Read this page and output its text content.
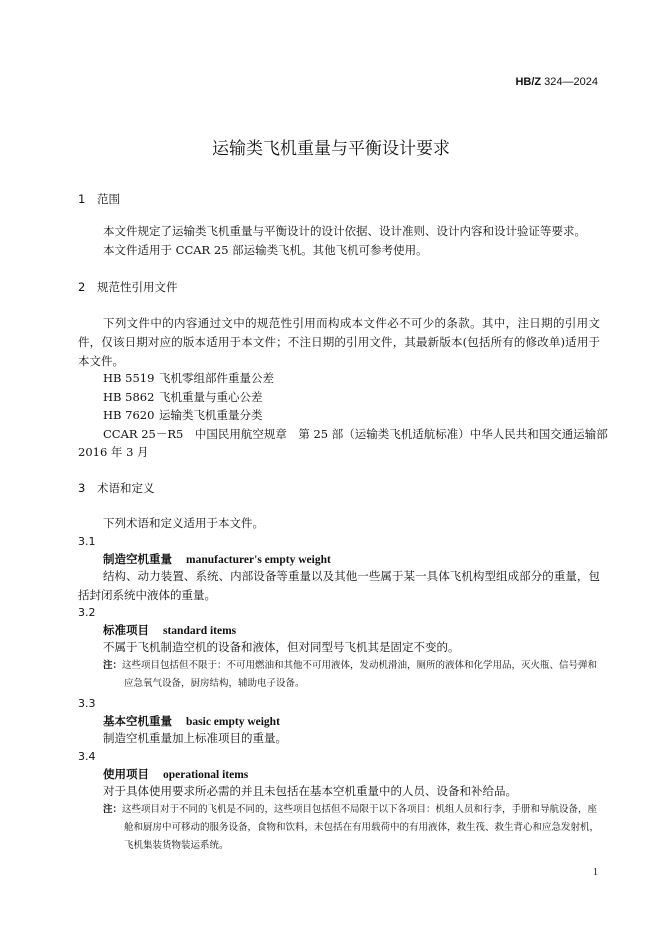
HB/Z 324—2024
运输类飞机重量与平衡设计要求
1 范围
本文件规定了运输类飞机重量与平衡设计的设计依据、设计准则、设计内容和设计验证等要求。
本文件适用于 CCAR 25 部运输类飞机。其他飞机可参考使用。
2 规范性引用文件
下列文件中的内容通过文中的规范性引用而构成本文件必不可少的条款。其中，注日期的引用文件，仅该日期对应的版本适用于本文件；不注日期的引用文件，其最新版本(包括所有的修改单)适用于本文件。
HB 5519 飞机零组部件重量公差
HB 5862 飞机重量与重心公差
HB 7620 运输类飞机重量分类
CCAR 25－R5　中国民用航空规章　第 25 部（运输类飞机适航标准）中华人民共和国交通运输部
2016 年 3 月
3 术语和定义
下列术语和定义适用于本文件。
3.1
制造空机重量 manufacturer's empty weight
结构、动力装置、系统、内部设备等重量以及其他一些属于某一具体飞机构型组成部分的重量，包括封闭系统中液体的重量。
3.2
标准项目 standard items
不属于飞机制造空机的设备和液体，但对同型号飞机其是固定不变的。
注：这些项目包括但不限于：不可用燃油和其他不可用液体，发动机滑油，厕所的液体和化学用品，灭火瓶、信号弹和应急氧气设备，厨房结构，辅助电子设备。
3.3
基本空机重量 basic empty weight
制造空机重量加上标准项目的重量。
3.4
使用项目 operational items
对于具体使用要求所必需的并且未包括在基本空机重量中的人员、设备和补给品。
注：这些项目对于不同的飞机是不同的，这些项目包括但不局限于以下各项目：机组人员和行李，手册和导航设备，座舱和厨房中可移动的服务设备，食物和饮料，未包括在有用载荷中的有用液体，救生筏、救生背心和应急发射机，飞机集装货物装运系统。
1
